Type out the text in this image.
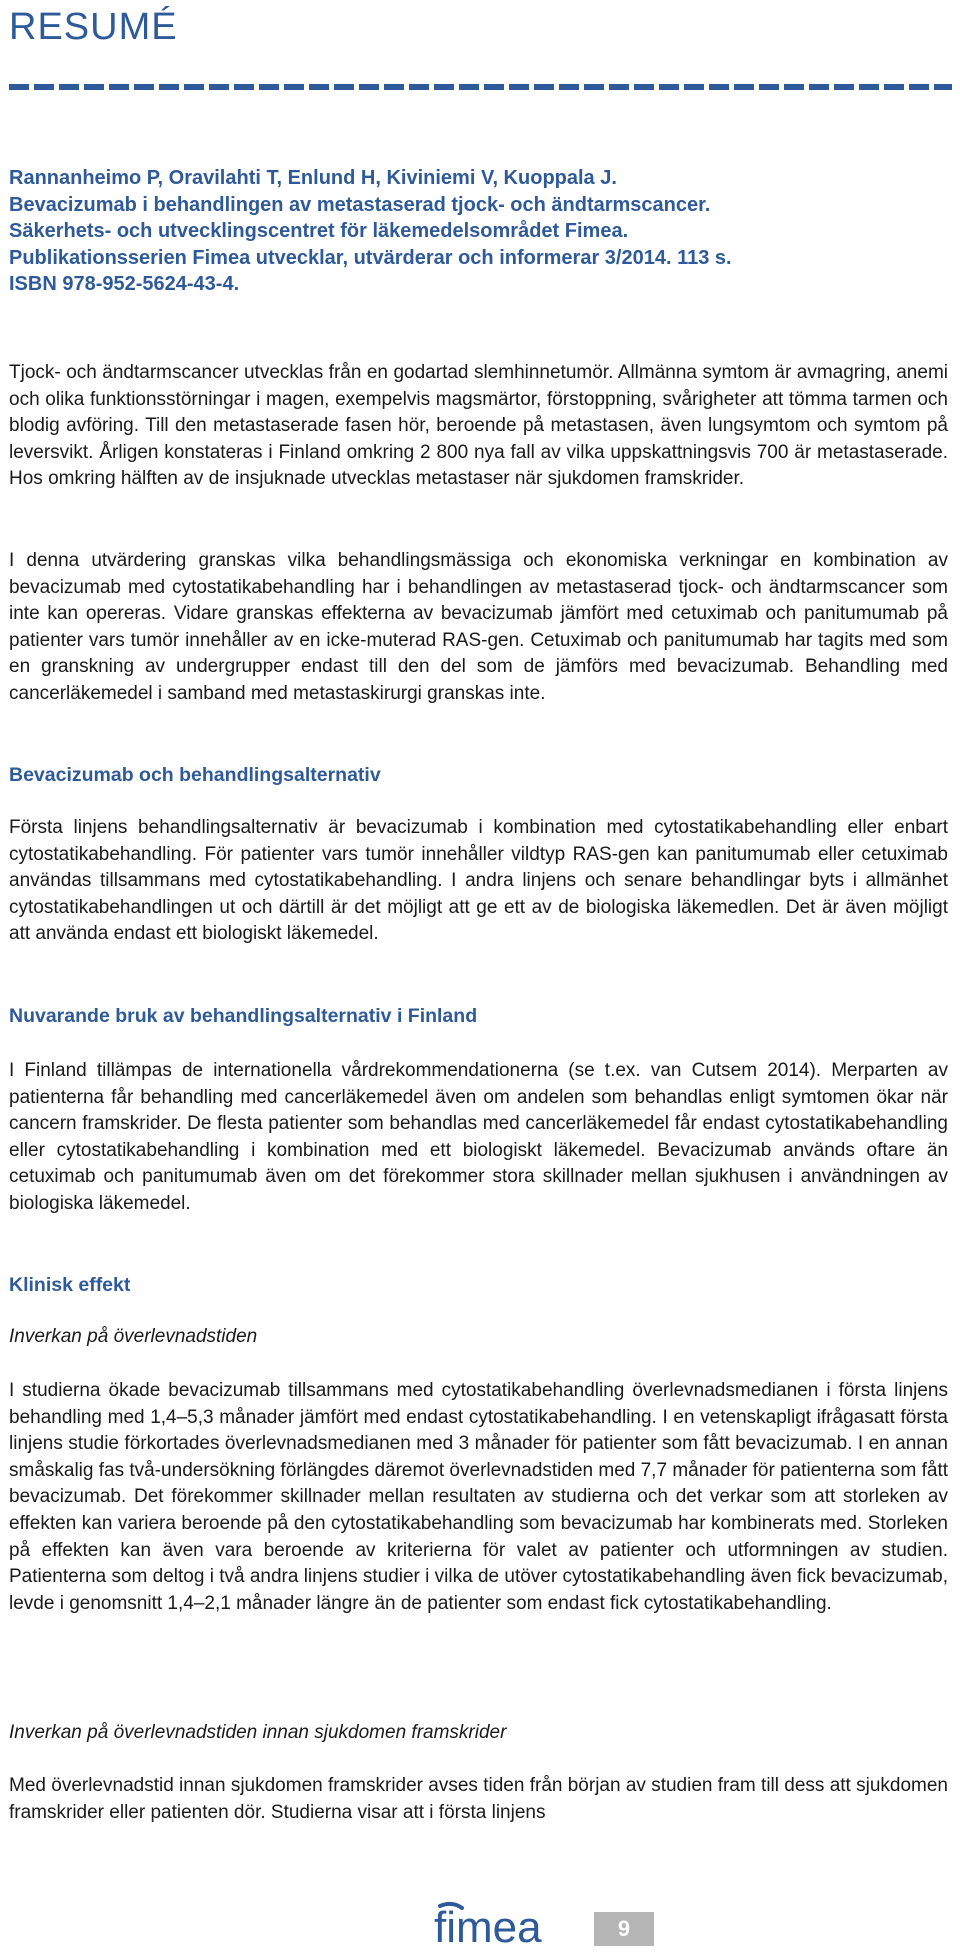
RESUMÉ

Rannanheimo P, Oravilahti T, Enlund H, Kiviniemi V, Kuoppala J.
Bevacizumab i behandlingen av metastaserad tjock- och ändtarmscancer.
Säkerhets- och utvecklingscentret för läkemedelsområdet Fimea.
Publikationsserien Fimea utvecklar, utvärderar och informerar 3/2014. 113 s.
ISBN 978-952-5624-43-4.

Tjock- och ändtarmscancer utvecklas från en godartad slemhinnetumör. Allmänna symtom är avmagring, anemi och olika funktionsstörningar i magen, exempelvis magsmärtor, förstoppning, svårigheter att tömma tarmen och blodig avföring. Till den metastaserade fasen hör, beroende på metastasen, även lungsymtom och symtom på leversvikt. Årligen konstateras i Finland omkring 2 800 nya fall av vilka uppskattningsvis 700 är metastaserade. Hos omkring hälften av de insjuknade utvecklas metastaser när sjukdomen framskrider.

I denna utvärdering granskas vilka behandlingsmässiga och ekonomiska verkningar en kombination av bevacizumab med cytostatikabehandling har i behandlingen av metastaserad tjock- och ändtarmscancer som inte kan opereras. Vidare granskas effekterna av bevacizumab jämfört med cetuximab och panitumumab på patienter vars tumör innehåller av en icke-muterad RAS-gen. Cetuximab och panitumumab har tagits med som en granskning av undergrupper endast till den del som de jämförs med bevacizumab. Behandling med cancerläkemedel i samband med metastaskirurgi granskas inte.

Bevacizumab och behandlingsalternativ

Första linjens behandlingsalternativ är bevacizumab i kombination med cytostatikabehandling eller enbart cytostatikabehandling. För patienter vars tumör innehåller vildtyp RAS-gen kan panitumumab eller cetuximab användas tillsammans med cytostatikabehandling. I andra linjens och senare behandlingar byts i allmänhet cytostatikabehandlingen ut och därtill är det möjligt att ge ett av de biologiska läkemedlen. Det är även möjligt att använda endast ett biologiskt läkemedel.

Nuvarande bruk av behandlingsalternativ i Finland

I Finland tillämpas de internationella vårdrekommendationerna (se t.ex. van Cutsem 2014). Merparten av patienterna får behandling med cancerläkemedel även om andelen som behandlas enligt symtomen ökar när cancern framskrider. De flesta patienter som behandlas med cancerläkemedel får endast cytostatikabehandling eller cytostatikabehandling i kombination med ett biologiskt läkemedel. Bevacizumab används oftare än cetuximab och panitumumab även om det förekommer stora skillnader mellan sjukhusen i användningen av biologiska läkemedel.

Klinisk effekt
Inverkan på överlevnadstiden

I studierna ökade bevacizumab tillsammans med cytostatikabehandling överlevnadsmedianen i första linjens behandling med 1,4–5,3 månader jämfört med endast cytostatikabehandling. I en vetenskapligt ifrågasatt första linjens studie förkortades överlevnadsmedianen med 3 månader för patienter som fått bevacizumab. I en annan småskalig fas två-undersökning förlängdes däremot överlevnadstiden med 7,7 månader för patienterna som fått bevacizumab. Det förekommer skillnader mellan resultaten av studierna och det verkar som att storleken av effekten kan variera beroende på den cytostatikabehandling som bevacizumab har kombinerats med. Storleken på effekten kan även vara beroende av kriterierna för valet av patienter och utformningen av studien. Patienterna som deltog i två andra linjens studier i vilka de utöver cytostatikabehandling även fick bevacizumab, levde i genomsnitt 1,4–2,1 månader längre än de patienter som endast fick cytostatikabehandling.

Inverkan på överlevnadstiden innan sjukdomen framskrider

Med överlevnadstid innan sjukdomen framskrider avses tiden från början av studien fram till dess att sjukdomen framskrider eller patienten dör. Studierna visar att i första linjens

fimea	9
